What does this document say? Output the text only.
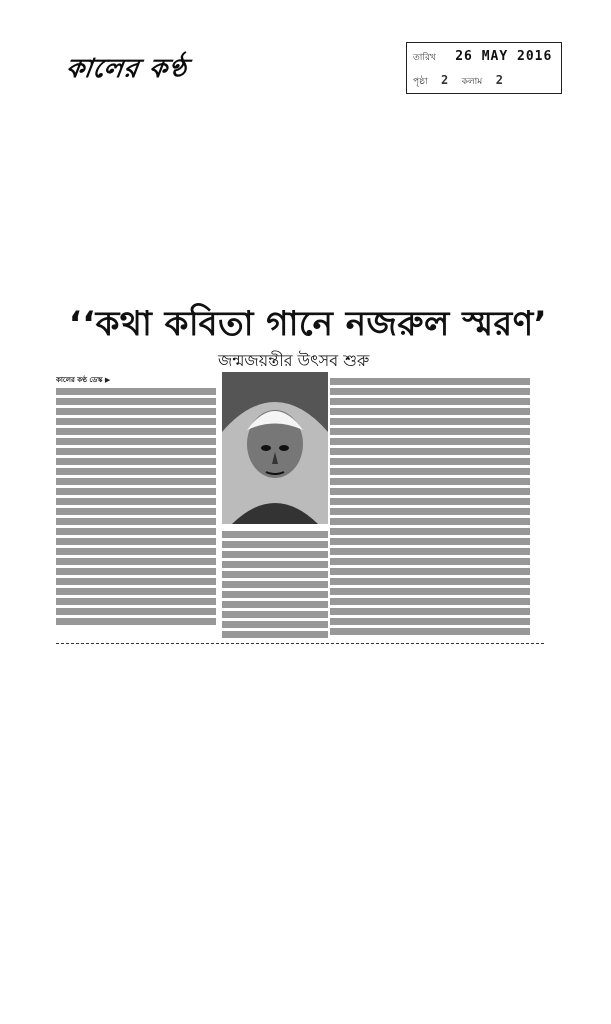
কালের কণ্ঠ	তারিখ 26 MAY 2016
পৃষ্ঠা 2 কলাম 2
‘‘কথা কবিতা গানে নজরুল স্মরণ’
জন্মজয়ন্তীর উৎসব শুরু
কালের কণ্ঠ ডেস্ক ▶
